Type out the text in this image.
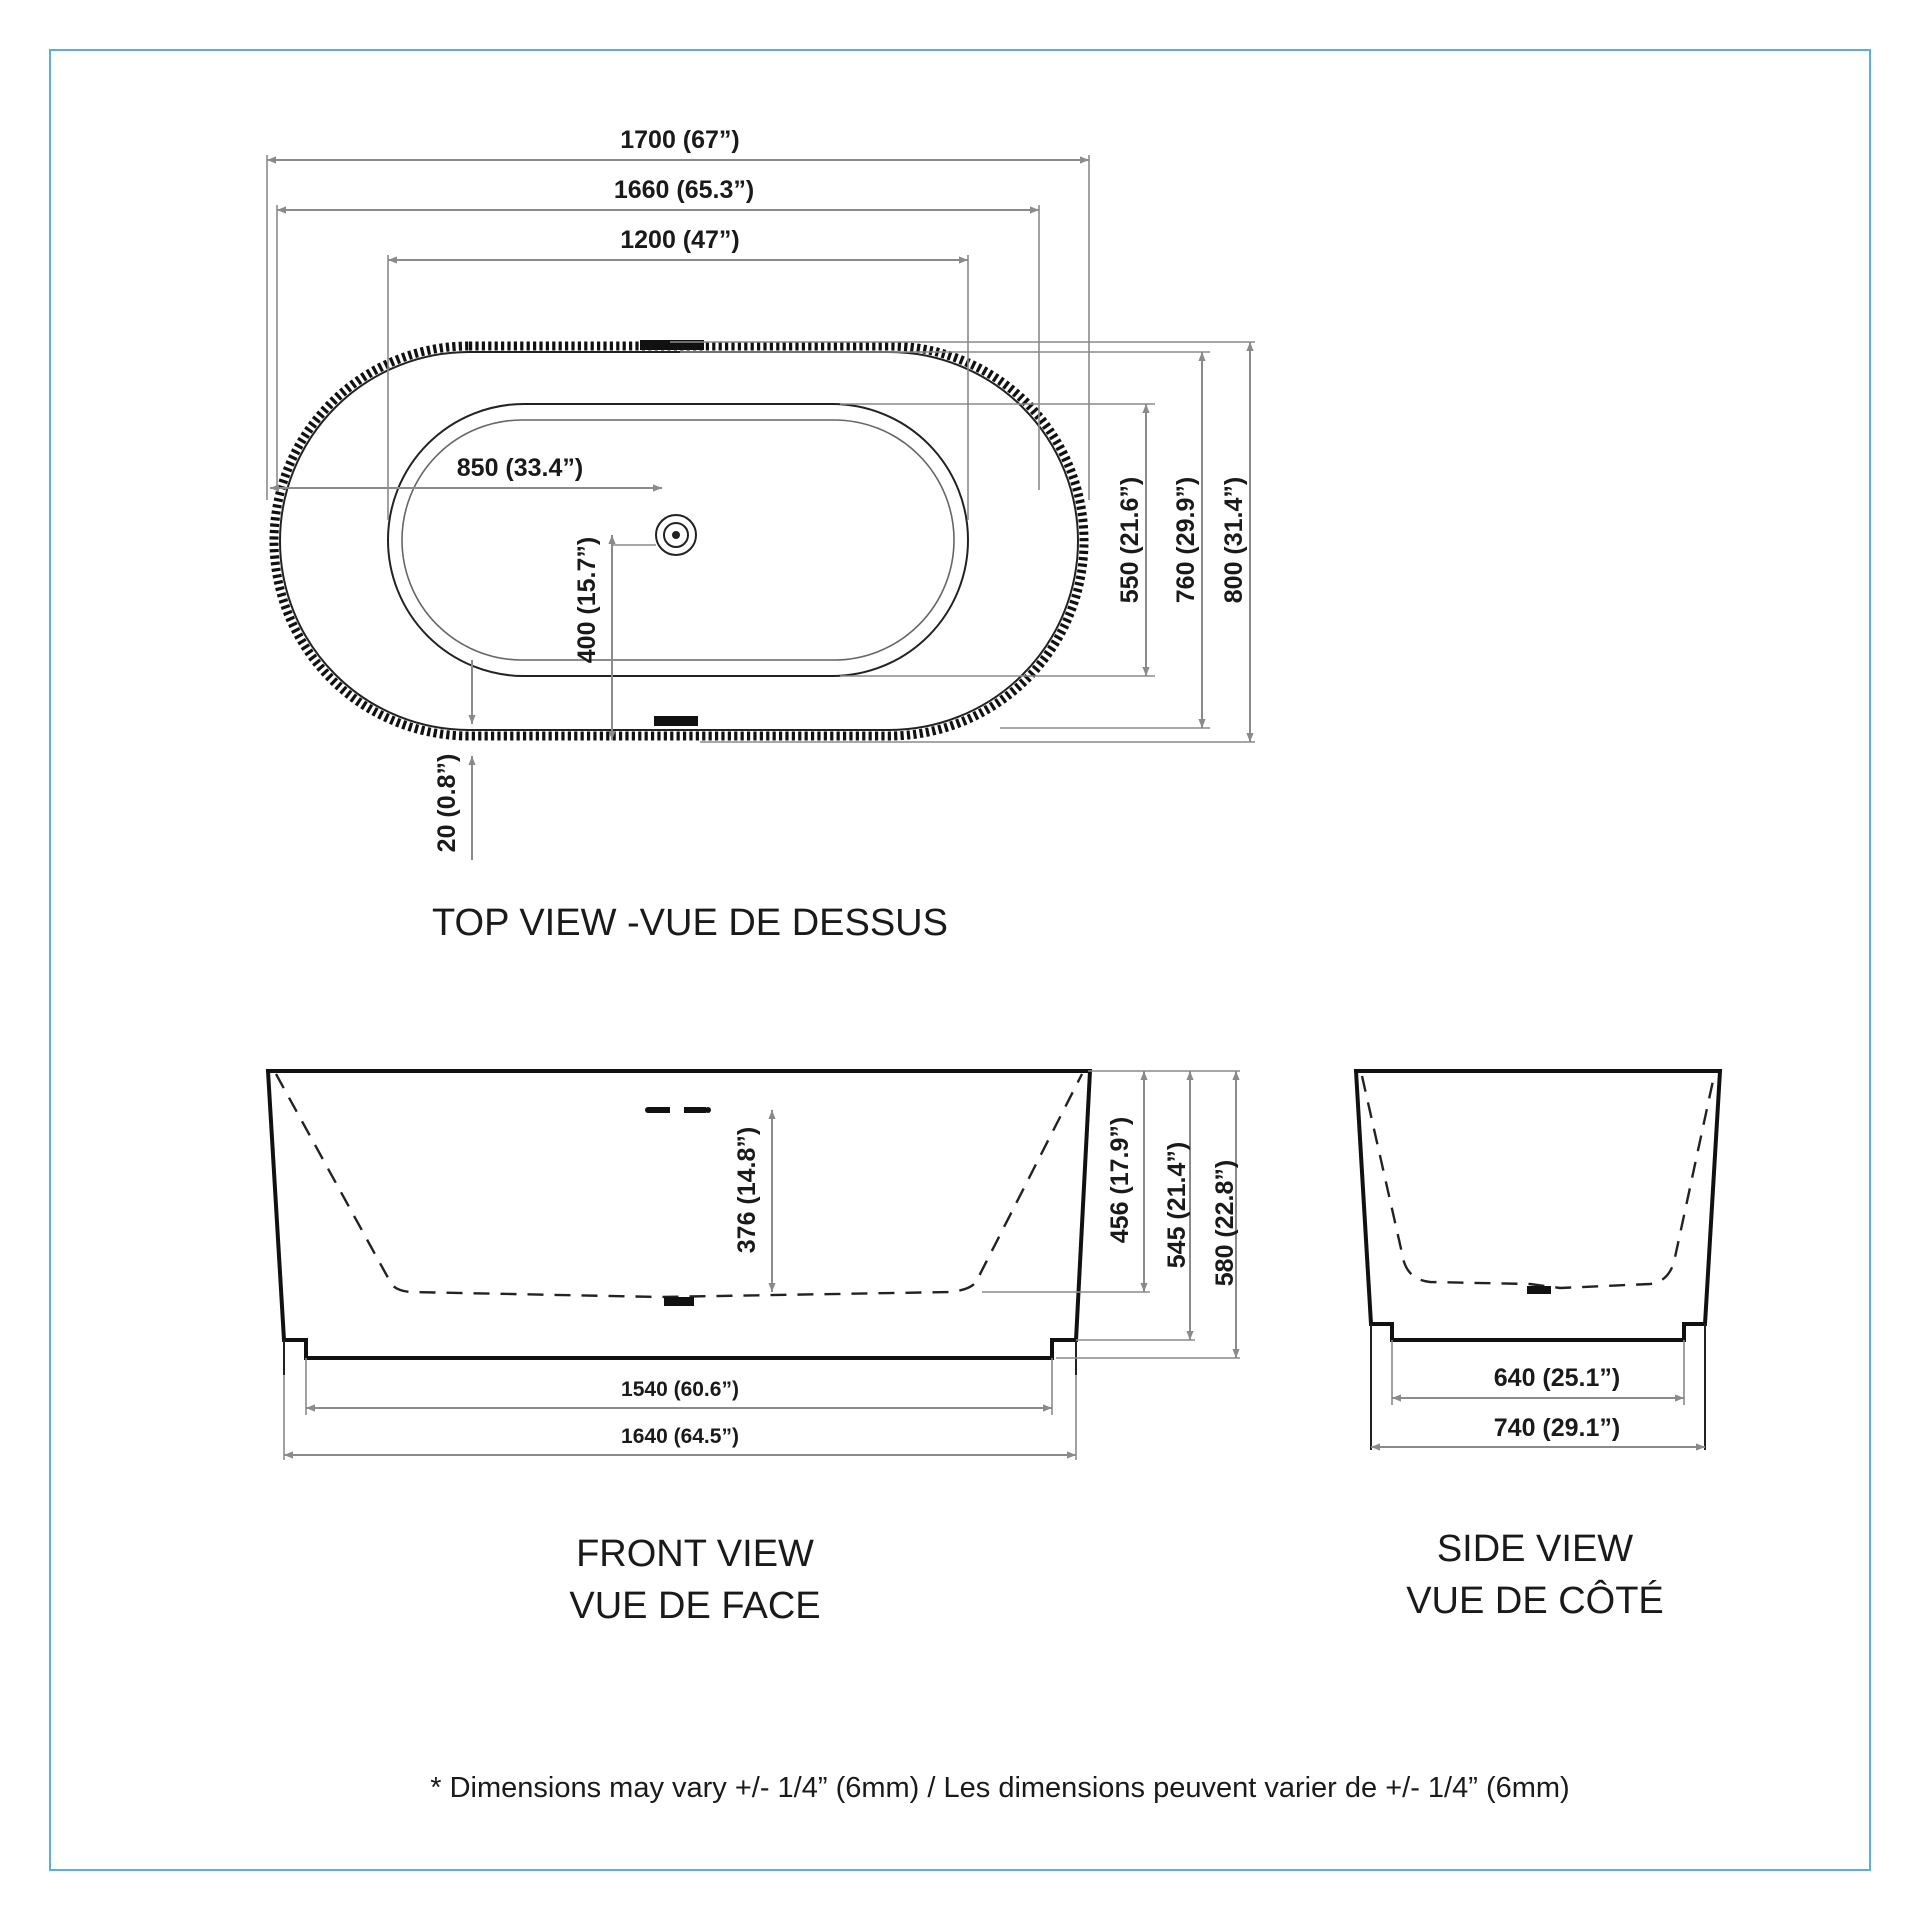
1700 (67”)
1660 (65.3”)
1200 (47”)
850 (33.4”)
400 (15.7”)	550 (21.6”) 760 (29.9”) 800 (31.4”)
20 (0.8”)
TOP VIEW -VUE DE DESSUS
376 (14.8”)	456 (17.9”) 545 (21.4”) 580 (22.8”)
1540 (60.6”)
1640 (64.5”)
FRONT VIEW
VUE DE FACE
640 (25.1”)
740 (29.1”)
SIDE VIEW
VUE DE CÔTÉ
* Dimensions may vary +/- 1/4” (6mm) / Les dimensions peuvent varier de +/- 1/4” (6mm)
